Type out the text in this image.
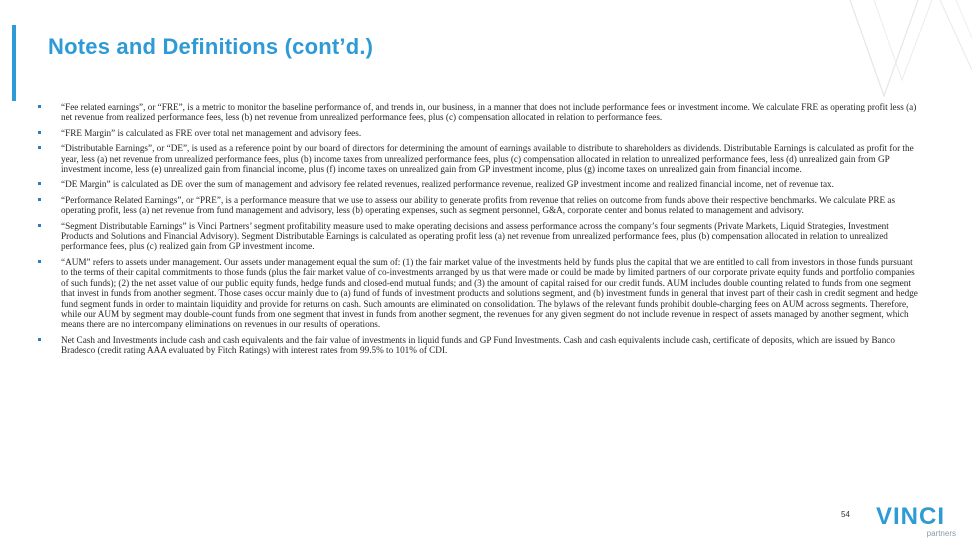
Notes and Definitions (cont’d.)
“Fee related earnings”, or “FRE”, is a metric to monitor the baseline performance of, and trends in, our business, in a manner that does not include performance fees or investment income. We calculate FRE as operating profit less (a) net revenue from realized performance fees, less (b) net revenue from unrealized performance fees, plus (c) compensation allocated in relation to performance fees.
“FRE Margin” is calculated as FRE over total net management and advisory fees.
“Distributable Earnings”, or “DE”, is used as a reference point by our board of directors for determining the amount of earnings available to distribute to shareholders as dividends. Distributable Earnings is calculated as profit for the year, less (a) net revenue from unrealized performance fees, plus (b) income taxes from unrealized performance fees, plus (c) compensation allocated in relation to unrealized performance fees, less (d) unrealized gain from GP investment income, less (e) unrealized gain from financial income, plus (f) income taxes on unrealized gain from GP investment income, plus (g) income taxes on unrealized gain from financial income.
“DE Margin” is calculated as DE over the sum of management and advisory fee related revenues, realized performance revenue, realized GP investment income and realized financial income, net of revenue tax.
“Performance Related Earnings”, or “PRE”, is a performance measure that we use to assess our ability to generate profits from revenue that relies on outcome from funds above their respective benchmarks. We calculate PRE as operating profit, less (a) net revenue from fund management and advisory, less (b) operating expenses, such as segment personnel, G&A, corporate center and bonus related to management and advisory.
“Segment Distributable Earnings” is Vinci Partners’ segment profitability measure used to make operating decisions and assess performance across the company’s four segments (Private Markets, Liquid Strategies, Investment Products and Solutions and Financial Advisory). Segment Distributable Earnings is calculated as operating profit less (a) net revenue from unrealized performance fees, plus (b) compensation allocated in relation to unrealized performance fees, plus (c) realized gain from GP investment income.
“AUM” refers to assets under management. Our assets under management equal the sum of: (1) the fair market value of the investments held by funds plus the capital that we are entitled to call from investors in those funds pursuant to the terms of their capital commitments to those funds (plus the fair market value of co-investments arranged by us that were made or could be made by limited partners of our corporate private equity funds and portfolio companies of such funds); (2) the net asset value of our public equity funds, hedge funds and closed-end mutual funds; and (3) the amount of capital raised for our credit funds. AUM includes double counting related to funds from one segment that invest in funds from another segment. Those cases occur mainly due to (a) fund of funds of investment products and solutions segment, and (b) investment funds in general that invest part of their cash in credit segment and hedge fund segment funds in order to maintain liquidity and provide for returns on cash. Such amounts are eliminated on consolidation. The bylaws of the relevant funds prohibit double-charging fees on AUM across segments. Therefore, while our AUM by segment may double-count funds from one segment that invest in funds from another segment, the revenues for any given segment do not include revenue in respect of assets managed by another segment, which means there are no intercompany eliminations on revenues in our results of operations.
Net Cash and Investments include cash and cash equivalents and the fair value of investments in liquid funds and GP Fund Investments. Cash and cash equivalents include cash, certificate of deposits, which are issued by Banco Bradesco (credit rating AAA evaluated by Fitch Ratings) with interest rates from 99.5% to 101% of CDI.
54 VINCI
partners
